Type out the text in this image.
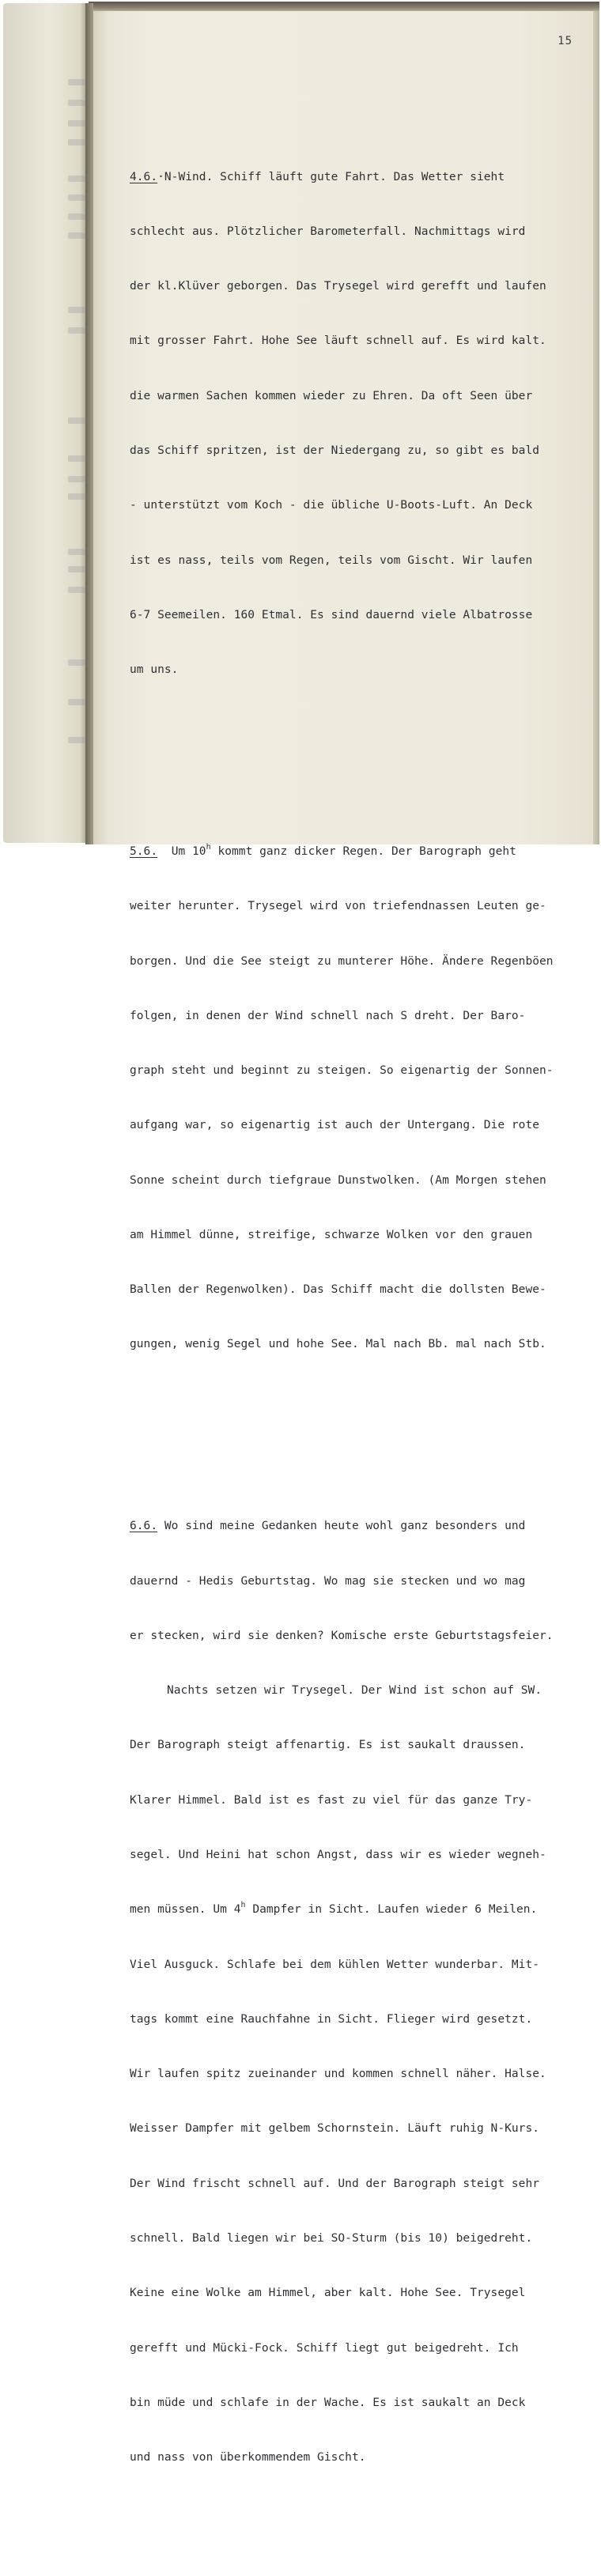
15

4.6.·N-Wind. Schiff läuft gute Fahrt. Das Wetter sieht

schlecht aus. Plötzlicher Barometerfall. Nachmittags wird

der kl.Klüver geborgen. Das Trysegel wird gerefft und laufen

mit grosser Fahrt. Hohe See läuft schnell auf. Es wird kalt.

die warmen Sachen kommen wieder zu Ehren. Da oft Seen über

das Schiff spritzen, ist der Niedergang zu, so gibt es bald

- unterstützt vom Koch - die übliche U-Boots-Luft. An Deck

ist es nass, teils vom Regen, teils vom Gischt. Wir laufen

6-7 Seemeilen. 160 Etmal. Es sind dauernd viele Albatrosse

um uns.

5.6. Um 10$^h$ kommt ganz dicker Regen. Der Barograph geht

weiter herunter. Trysegel wird von triefendnassen Leuten ge-

borgen. Und die See steigt zu munterer Höhe. Ändere Regenböen

folgen, in denen der Wind schnell nach S dreht. Der Baro-

graph steht und beginnt zu steigen. So eigenartig der Sonnen-

aufgang war, so eigenartig ist auch der Untergang. Die rote

Sonne scheint durch tiefgraue Dunstwolken. (Am Morgen stehen

am Himmel dünne, streifige, schwarze Wolken vor den grauen

Ballen der Regenwolken). Das Schiff macht die dollsten Bewe-

gungen, wenig Segel und hohe See. Mal nach Bb. mal nach Stb.

6.6. Wo sind meine Gedanken heute wohl ganz besonders und

dauernd - Hedis Geburtstag. Wo mag sie stecken und wo mag

er stecken, wird sie denken? Komische erste Geburtstagsfeier.

Nachts setzen wir Trysegel. Der Wind ist schon auf SW.

Der Barograph steigt affenartig. Es ist saukalt draussen.

Klarer Himmel. Bald ist es fast zu viel für das ganze Try-

segel. Und Heini hat schon Angst, dass wir es wieder wegneh-

men müssen. Um 4$^h$ Dampfer in Sicht. Laufen wieder 6 Meilen.

Viel Ausguck. Schlafe bei dem kühlen Wetter wunderbar. Mit-

tags kommt eine Rauchfahne in Sicht. Flieger wird gesetzt.

Wir laufen spitz zueinander und kommen schnell näher. Halse.

Weisser Dampfer mit gelbem Schornstein. Läuft ruhig N-Kurs.

Der Wind frischt schnell auf. Und der Barograph steigt sehr

schnell. Bald liegen wir bei SO-Sturm (bis 10) beigedreht.

Keine eine Wolke am Himmel, aber kalt. Hohe See. Trysegel

gerefft und Mücki-Fock. Schiff liegt gut beigedreht. Ich

bin müde und schlafe in der Wache. Es ist saukalt an Deck

und nass von überkommendem Gischt.
